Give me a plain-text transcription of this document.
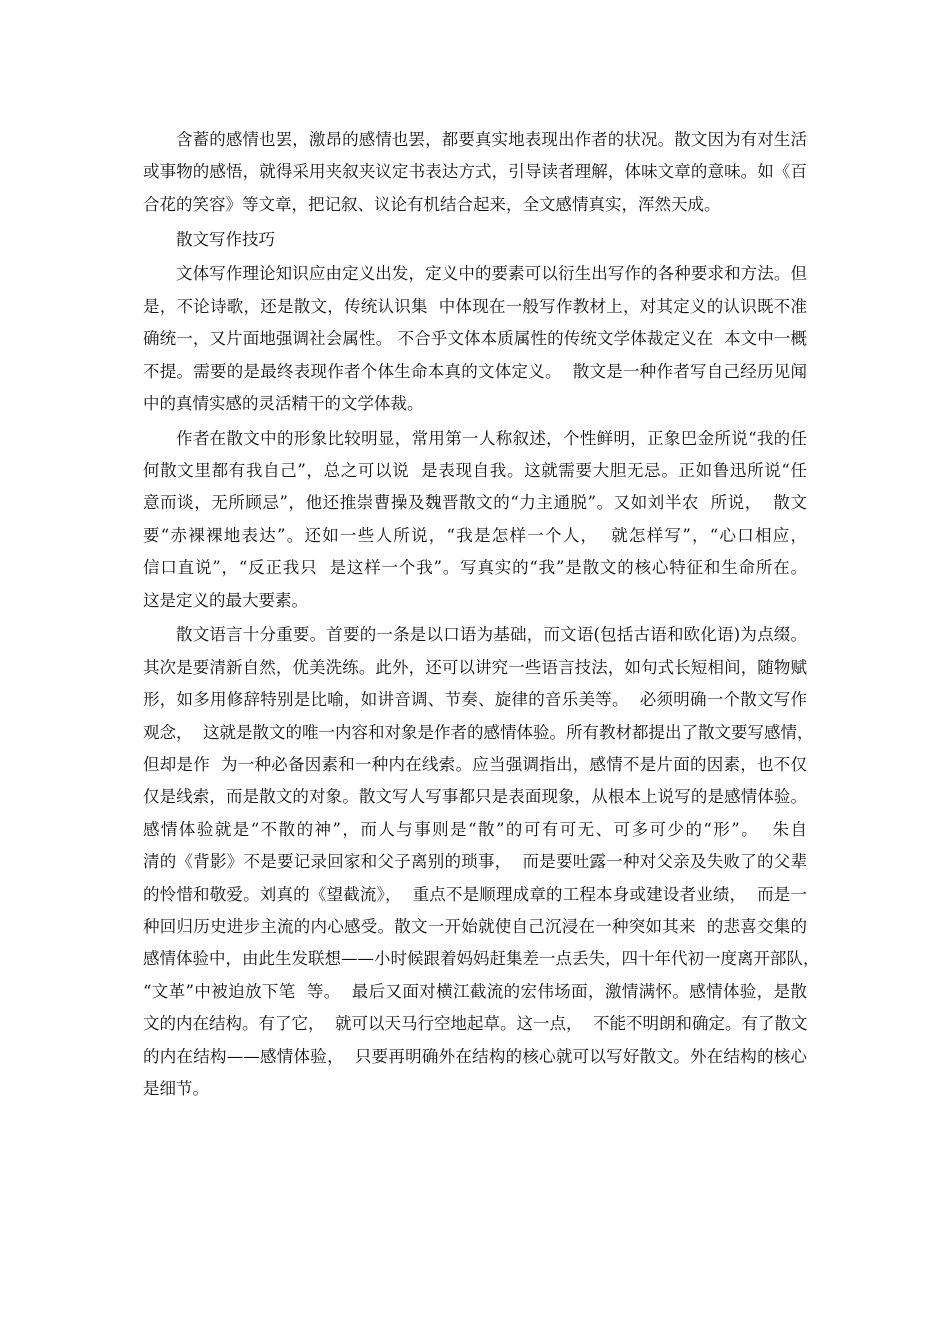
含蓄的感情也罢，激昂的感情也罢，都要真实地表现出作者的状况。散文因为有对生活
或事物的感悟，就得采用夹叙夹议定书表达方式，引导读者理解，体味文章的意味。如《百
合花的笑容》等文章，把记叙、议论有机结合起来，全文感情真实，浑然天成。
散文写作技巧
文体写作理论知识应由定义出发，定义中的要素可以衍生出写作的各种要求和方法。但
是，不论诗歌，还是散文，传统认识集  中体现在一般写作教材上，对其定义的认识既不准
确统一，又片面地强调社会属性。 不合乎文体本质属性的传统文学体裁定义在  本文中一概
不提。需要的是最终表现作者个体生命本真的文体定义。  散文是一种作者写自己经历见闻
中的真情实感的灵活精干的文学体裁。
作者在散文中的形象比较明显，常用第一人称叙述，个性鲜明，正象巴金所说“我的任
何散文里都有我自己”，总之可以说  是表现自我。这就需要大胆无忌。正如鲁迅所说“任
意而谈，无所顾忌”，他还推崇曹操及魏晋散文的“力主通脱”。又如刘半农  所说，  散文
要“赤裸裸地表达”。还如一些人所说，“我是怎样一个人，  就怎样写”，“心口相应，
信口直说”，“反正我只  是这样一个我”。写真实的“我”是散文的核心特征和生命所在。
这是定义的最大要素。
散文语言十分重要。首要的一条是以口语为基础，而文语(包括古语和欧化语)为点缀。
其次是要清新自然，优美洗练。此外，还可以讲究一些语言技法，如句式长短相间，随物赋
形，如多用修辞特别是比喻，如讲音调、节奏、旋律的音乐美等。  必须明确一个散文写作
观念，  这就是散文的唯一内容和对象是作者的感情体验。所有教材都提出了散文要写感情，
但却是作  为一种必备因素和一种内在线索。应当强调指出，感情不是片面的因素，也不仅
仅是线索，而是散文的对象。散文写人写事都只是表面现象，从根本上说写的是感情体验。
感情体验就是“不散的神”，而人与事则是“散”的可有可无、可多可少的“形”。  朱自
清的《背影》不是要记录回家和父子离别的琐事，  而是要吐露一种对父亲及失败了的父辈
的怜惜和敬爱。刘真的《望截流》，  重点不是顺理成章的工程本身或建设者业绩，  而是一
种回归历史进步主流的内心感受。散文一开始就使自己沉浸在一种突如其来  的悲喜交集的
感情体验中，由此生发联想——小时候跟着妈妈赶集差一点丢失，四十年代初一度离开部队，
“文革”中被迫放下笔  等。  最后又面对横江截流的宏伟场面，激情满怀。感情体验，是散
文的内在结构。有了它，  就可以天马行空地起草。这一点，  不能不明朗和确定。有了散文
的内在结构——感情体验，  只要再明确外在结构的核心就可以写好散文。外在结构的核心
是细节。
